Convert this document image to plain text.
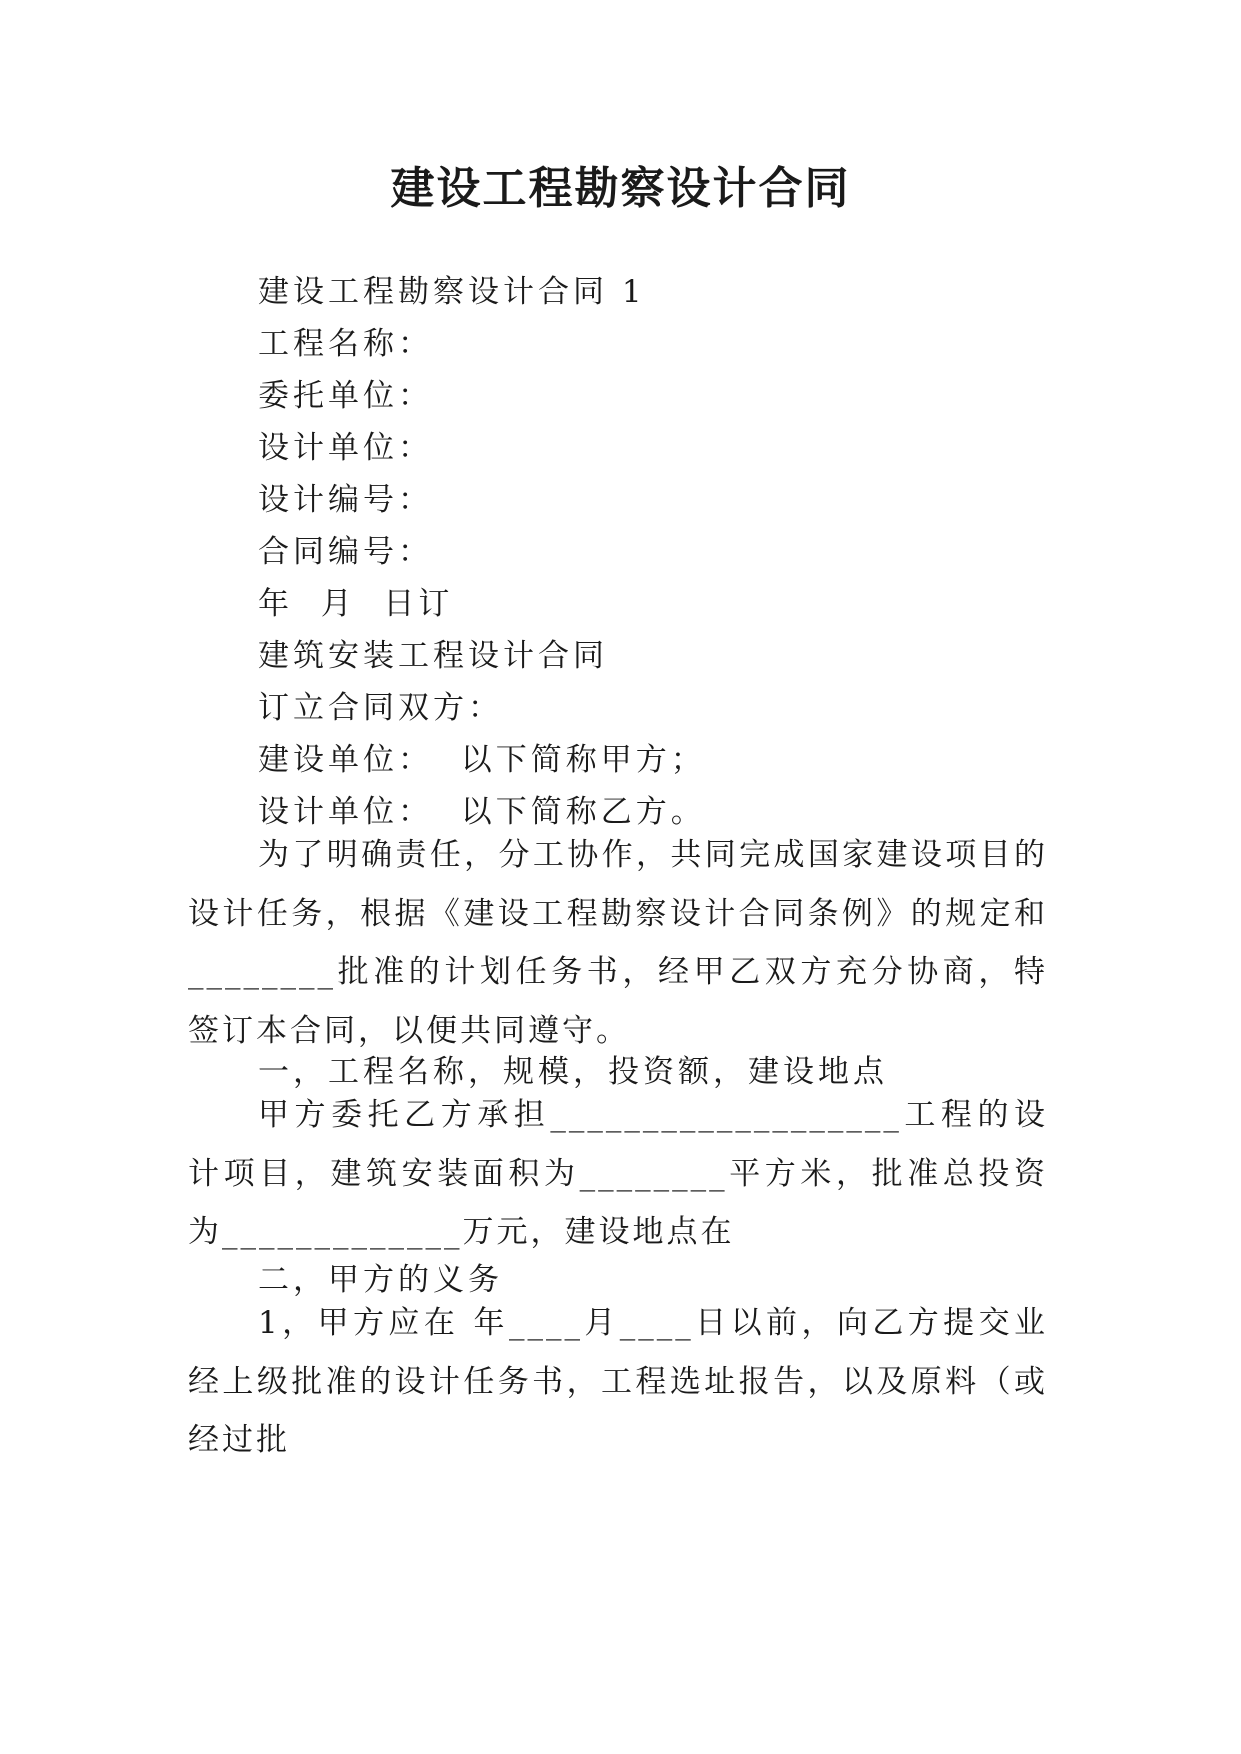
建设工程勘察设计合同
建设工程勘察设计合同 1
工程名称：
委托单位：
设计单位：
设计编号：
合同编号：
年  月  日订
建筑安装工程设计合同
订立合同双方：
建设单位：  以下简称甲方；
设计单位：  以下简称乙方。
为了明确责任，分工协作，共同完成国家建设项目的设计任务，根据《建设工程勘察设计合同条例》的规定和________批准的计划任务书，经甲乙双方充分协商，特签订本合同，以便共同遵守。
一，工程名称，规模，投资额，建设地点
甲方委托乙方承担___________________工程的设计项目，建筑安装面积为________平方米，批准总投资为_____________万元，建设地点在
二，甲方的义务
1，甲方应在 年____月____日以前，向乙方提交业经上级批准的设计任务书，工程选址报告，以及原料（或经过批
